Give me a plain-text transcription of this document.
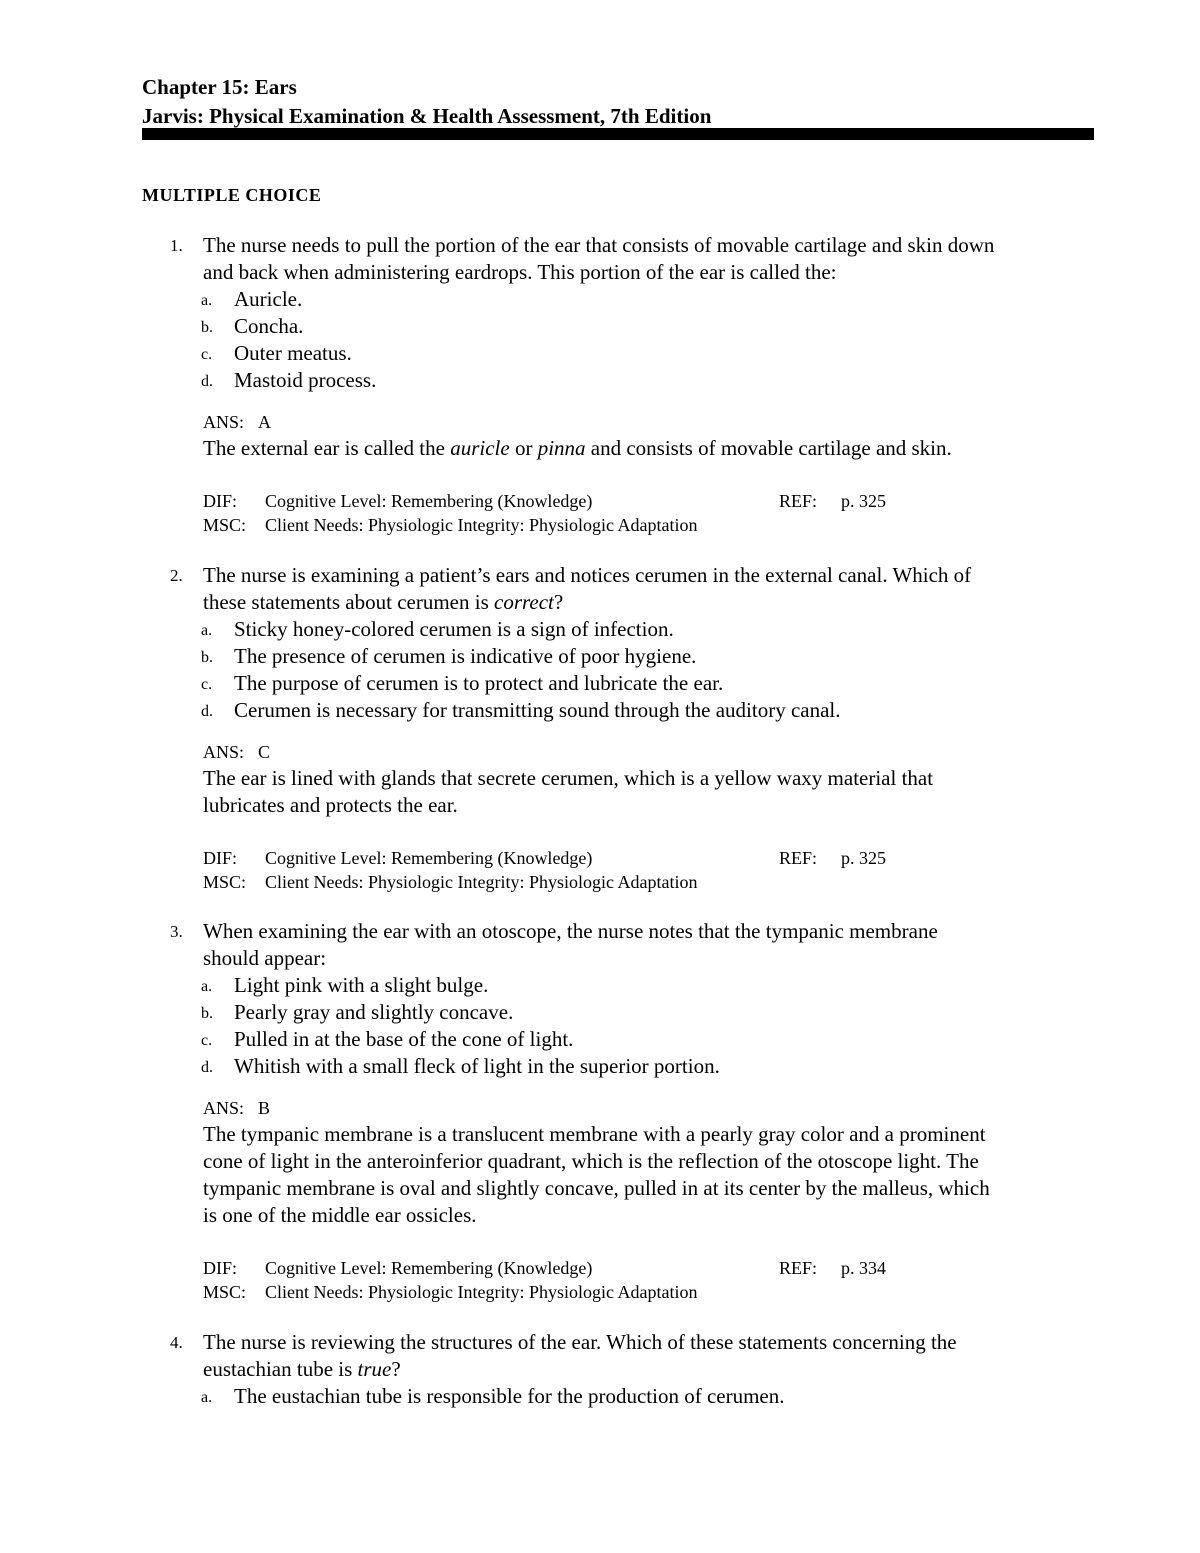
Chapter 15: Ears
Jarvis: Physical Examination & Health Assessment, 7th Edition
MULTIPLE CHOICE
1. The nurse needs to pull the portion of the ear that consists of movable cartilage and skin down
and back when administering eardrops. This portion of the ear is called the:
a. Auricle.
b. Concha.
c. Outer meatus.
d. Mastoid process.
ANS: A
The external ear is called the auricle or pinna and consists of movable cartilage and skin.
DIF: Cognitive Level: Remembering (Knowledge)	REF: p. 325
MSC: Client Needs: Physiologic Integrity: Physiologic Adaptation
2. The nurse is examining a patient’s ears and notices cerumen in the external canal. Which of
these statements about cerumen is correct?
a. Sticky honey-colored cerumen is a sign of infection.
b. The presence of cerumen is indicative of poor hygiene.
c. The purpose of cerumen is to protect and lubricate the ear.
d. Cerumen is necessary for transmitting sound through the auditory canal.
ANS: C
The ear is lined with glands that secrete cerumen, which is a yellow waxy material that
lubricates and protects the ear.
DIF: Cognitive Level: Remembering (Knowledge)	REF: p. 325
MSC: Client Needs: Physiologic Integrity: Physiologic Adaptation
3. When examining the ear with an otoscope, the nurse notes that the tympanic membrane
should appear:
a. Light pink with a slight bulge.
b. Pearly gray and slightly concave.
c. Pulled in at the base of the cone of light.
d. Whitish with a small fleck of light in the superior portion.
ANS: B
The tympanic membrane is a translucent membrane with a pearly gray color and a prominent
cone of light in the anteroinferior quadrant, which is the reflection of the otoscope light. The
tympanic membrane is oval and slightly concave, pulled in at its center by the malleus, which
is one of the middle ear ossicles.
DIF: Cognitive Level: Remembering (Knowledge)	REF: p. 334
MSC: Client Needs: Physiologic Integrity: Physiologic Adaptation
4. The nurse is reviewing the structures of the ear. Which of these statements concerning the
eustachian tube is true?
a. The eustachian tube is responsible for the production of cerumen.
